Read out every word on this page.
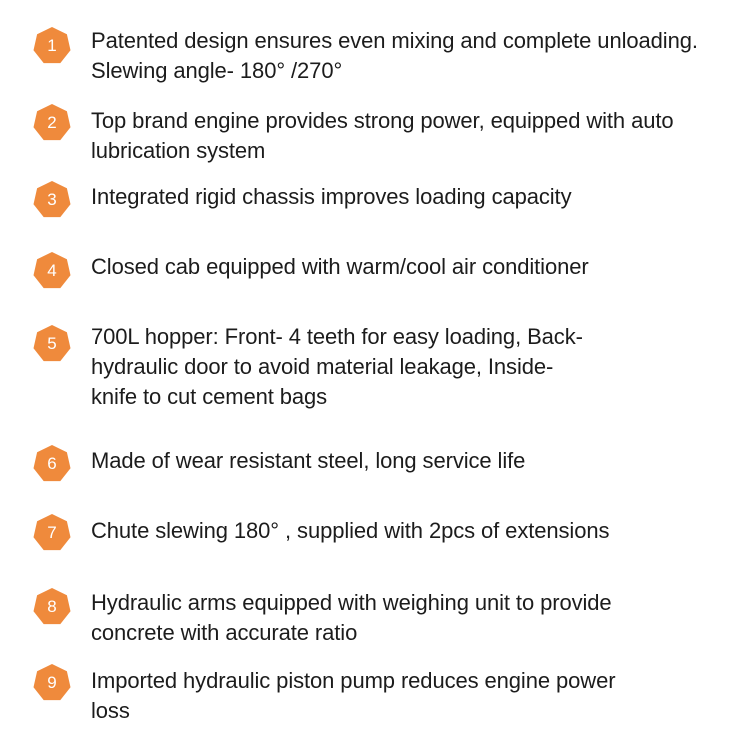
1	Patented design ensures even mixing and complete unloading.
Slewing angle- 180° /270°
2	Top brand engine provides strong power, equipped with auto
lubrication system
3	Integrated rigid chassis improves loading capacity
4	Closed cab equipped with warm/cool air conditioner
5	700L hopper: Front- 4 teeth for easy loading, Back-
hydraulic door to avoid material leakage, Inside-
knife to cut cement bags
6	Made of wear resistant steel, long service life
7	Chute slewing 180° , supplied with 2pcs of extensions
8	Hydraulic arms equipped with weighing unit to provide
concrete with accurate ratio
9	Imported hydraulic piston pump reduces engine power
loss
